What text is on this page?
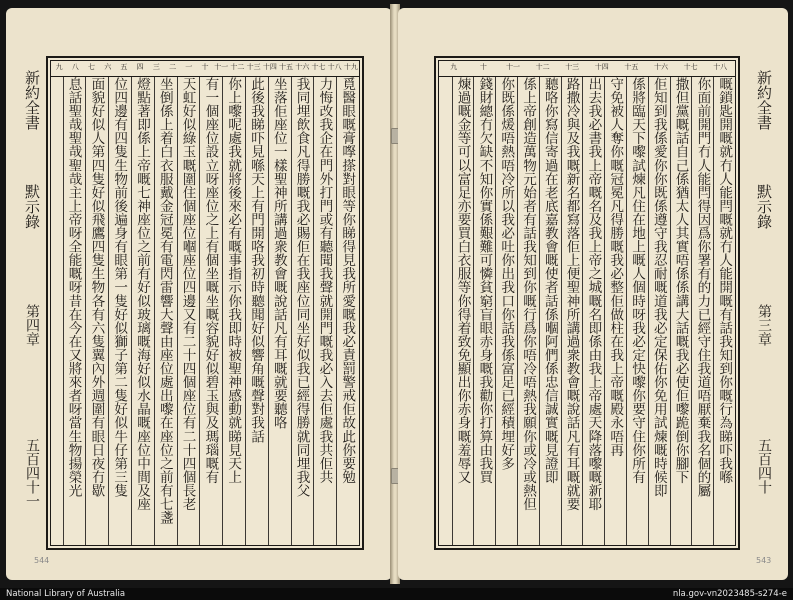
新約全書
默示錄
第四章
五百四十一
九	八	七	六	五	四	三	二	一	十 十一 十二 十三 十四 十五 十六 十七 十八 十九
覓醫眼嘅膏𠸎搽對眼等你睇得見我所愛嘅我必責罰警戒佢故此你要勉
力悔改我企在門外打門或有聽聞我聲就開門嘅我必入去佢處我共佢共
我同埋飲食凡得勝嘅我必賜佢在我座位同坐好似我已經得勝就同埋我父
坐落佢座位一樣聖神所講過衆教會嘅說話凡有耳嘅就要聽咯
此後我睇吓見喺天上有門開咯我初時聽聞好似響角嘅聲對我話
你上嚟呢處我就將後來必有嘅事指示你我即時被聖神感動就睇見天上
有一個座位設立呀座位之上有個坐嘅坐嘅容貌好似碧玉與及瑪瑙嘅有
天虹好似綠玉嘅圍住個座位嗰座位四邊又有二十四個座位有二十四個長老
坐倒係上着白衣服戴金冠冕有電閃雷響大聲由座位處出嚟在座位之前有七盞
燈點著即係上帝嘅七神座位之前有好似玻璃嘅海好似水晶嘅座位中間及座
位四邊有四隻生物前後遍身有眼第一隻好似獅子第二隻好似牛仔第三隻
面貌好似人第四隻好似飛鷹四隻生物各有六隻翼內外週圍有眼日夜冇歇
息話聖哉聖哉聖哉主上帝呀全能嘅呀昔在今在又將來者呀當生物揚榮光
544
九	十	十一	十二	十三	十四	十五	十六	十七	十八
嘅鎖匙開嘅就冇人能閂嘅就冇人能開嘅有話我知到你嘅行為睇吓我喺
你面前開門冇人能閂得因爲你署有的力已經守住我道唔厭棄我名個的屬
撒但黨嘅話自己係猶太人其實唔係係講大話嘅我必使佢嚟跪倒你腳下
佢知到我係愛你你既係遵守我忍耐嘅道我必定保佑你免用試煉嘅時候即
係將臨天下嚟試煉凡住在地上嘅人個時呀我必定快嚟你要守住你所有
守免被人奪你嘅冠冕凡得勝嘅我必整佢做柱在我上帝嘅殿永唔再
出去我必書我上帝嘅名及我上帝之城嘅名即係由我上帝處天降落嚟嘅新耶
路撒冷與及我嘅新名都寫落佢上便聖神所講過衆教會嘅說話凡有耳嘅就要
聽咯你寫信寄過在老底嘉教會嘅使者話係嗰阿們係忠信誠實嘅見證即
係上帝創造萬物元始者有話我知到你嘅行爲你唔冷唔熱我願你或冷或熱但
你既係煖唔熱唔冷所以我必吐你出我口你話我係富足已經積埋好多
錢財總冇欠缺不知你實係艱難可憐貧窮盲眼赤身嘅我勸你打算由我買
煉過嘅金等可以富足亦要買白衣服等你得着致免顯出你赤身嘅羞辱又	新約全書
默示錄
第三章
五百四十
543
National Library of Australia	nla.gov-vn2023485-s274-e
